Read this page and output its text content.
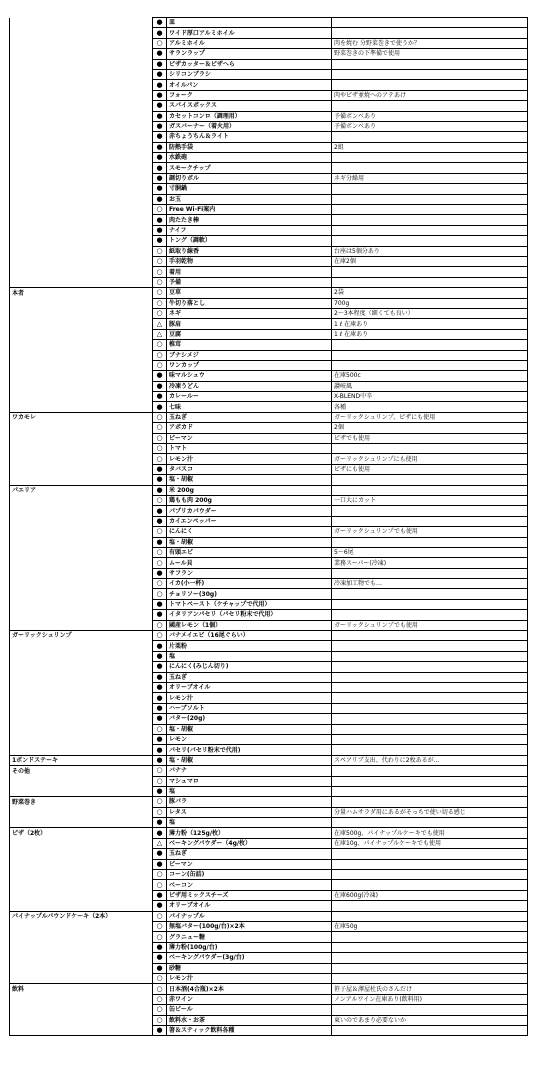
	●	皿	
	●	ワイド厚口アルミホイル	
	○	アルミホイル	肉を焼む 分野菜巻きで使うか？
	●	サランラップ	野菜巻きの下準備で使用
	●	ピザカッター＆ピザへら	
	●	シリコンブラシ	
	●	オイルパン	
	●	フォーク	肉やピザ並焼へのアテあけ
	●	スパイスボックス	
	●	カセットコンロ（調理用）	予備ボンベあり
	●	ガスバーナー（着火用）	予備ボンベあり
	●	赤ちょうちん＆ライト	
	●	防熱手袋	2組
	●	水鉄砲	
	●	スモークチップ	
	●	調切りボル	ネギ分繰用
	●	寸胴鍋	
	●	お玉	
	○	Free Wi-Fi案内	
	●	肉たたき棒	
	●	ナイフ	
	●	トング（調軟）	
	○	紙取り線香	台座は5個分あり
	○	手羽乾物	在庫2個
	○	着用	
	○	予備	
本者	○	豆草	2袋
	○	牛切り落とし	700g
	○	ネギ	2～3本程度（細くても良い）
	△	豚肩	1 ℓ 在庫あり
	△	豆腐	1 ℓ 在庫あり
	○	椎茸	
	○	ブナシメジ	
	○	ワンカップ	
	●	味マルシュウ	在庫500c
	●	冷凍うどん	讃岐風
	●	カレールー	X-BLEND中辛
	●	七味	各種
ワカモレ	○	玉ねぎ	ガーリックシュリンプ、ピザにも使用
	○	アボカド	2個
	○	ピーマン	ピザでも使用
	○	トマト	
	○	レモン汁	ガーリックシュリンプにも使用
	●	タバスコ	ピザにも使用
	●	塩・胡椒	
パエリア	●	米 200g	
	○	鶏もも肉 200g	一口大にカット
	●	パプリカパウダー	
	●	カイエンペッパー	
	○	にんにく	ガーリックシュリンプでも使用
	●	塩・胡椒	
	○	有頭エビ	5～6尾
	○	ムール貝	業務スーパー(冷凍)
	●	サフラン	
	○	イカ(小一杯)	冷凍加工物でも…
	○	チョリソー(30g)	
	●	トマトペースト（ケチャップで代用）	
	●	イタリアンパセリ（パセリ粉末で代用）	
	○	國産レモン（1個）	ガーリックシュリンプでも使用
ガーリックシュリンプ	○	バナメイエビ（16尾ぐらい）	
	●	片栗粉	
	●	塩	
	●	にんにく(みじん切り)	
	●	玉ねぎ	
	●	オリーブオイル	
	●	レモン汁	
	●	ハーブソルト	
	●	バター(20g)	
	○	塩・胡椒	
	●	レモン	
	●	パセリ(パセリ粉末で代用)	
1ポンドステーキ	●	塩・胡椒	スペアリブ支出、代わりに2枚あるが…
その他	○	バナナ	
	○	マシュマロ	
	●	塩	
野菜巻き	○	豚バラ	
	○	レタス	分量ハムサラダ用にあるがそっちで使い切る感じ
	●	塩	
ピザ（2枚）	●	薄力粉（125g/枚）	在庫500g、パイナップルケーキでも使用
	△	ベーキングパウダー（4g/枚）	在庫10g、パイナップルケーキでも使用
	●	玉ねぎ	
	●	ピーマン	
	○	コーン(缶詰)	
	○	ベーコン	
	●	ピザ用ミックスチーズ	在庫600g(冷凍)
	●	オリーブオイル	
パイナップルパウンドケーキ（2本）	○	パイナップル	
	○	無塩バター(100g/台)×2本	在庫50g
	○	グラニュー糖	
	●	薄力粉(100g/台)	
	●	ベーキングパウダー(3g/台)	
	●	砂糖	
	○	レモン汁	
飲料	○	日本酒(4合瓶)×2本	笹子屋＆澤屋杜氏のさんだけ
	○	赤ワイン	ノンアルワイン在庫あり(飲料用)
	○	缶ビール	
	○	飲料水・お茶	東いのであまり必要ないか
	●	箸＆スティック飲料各種	
